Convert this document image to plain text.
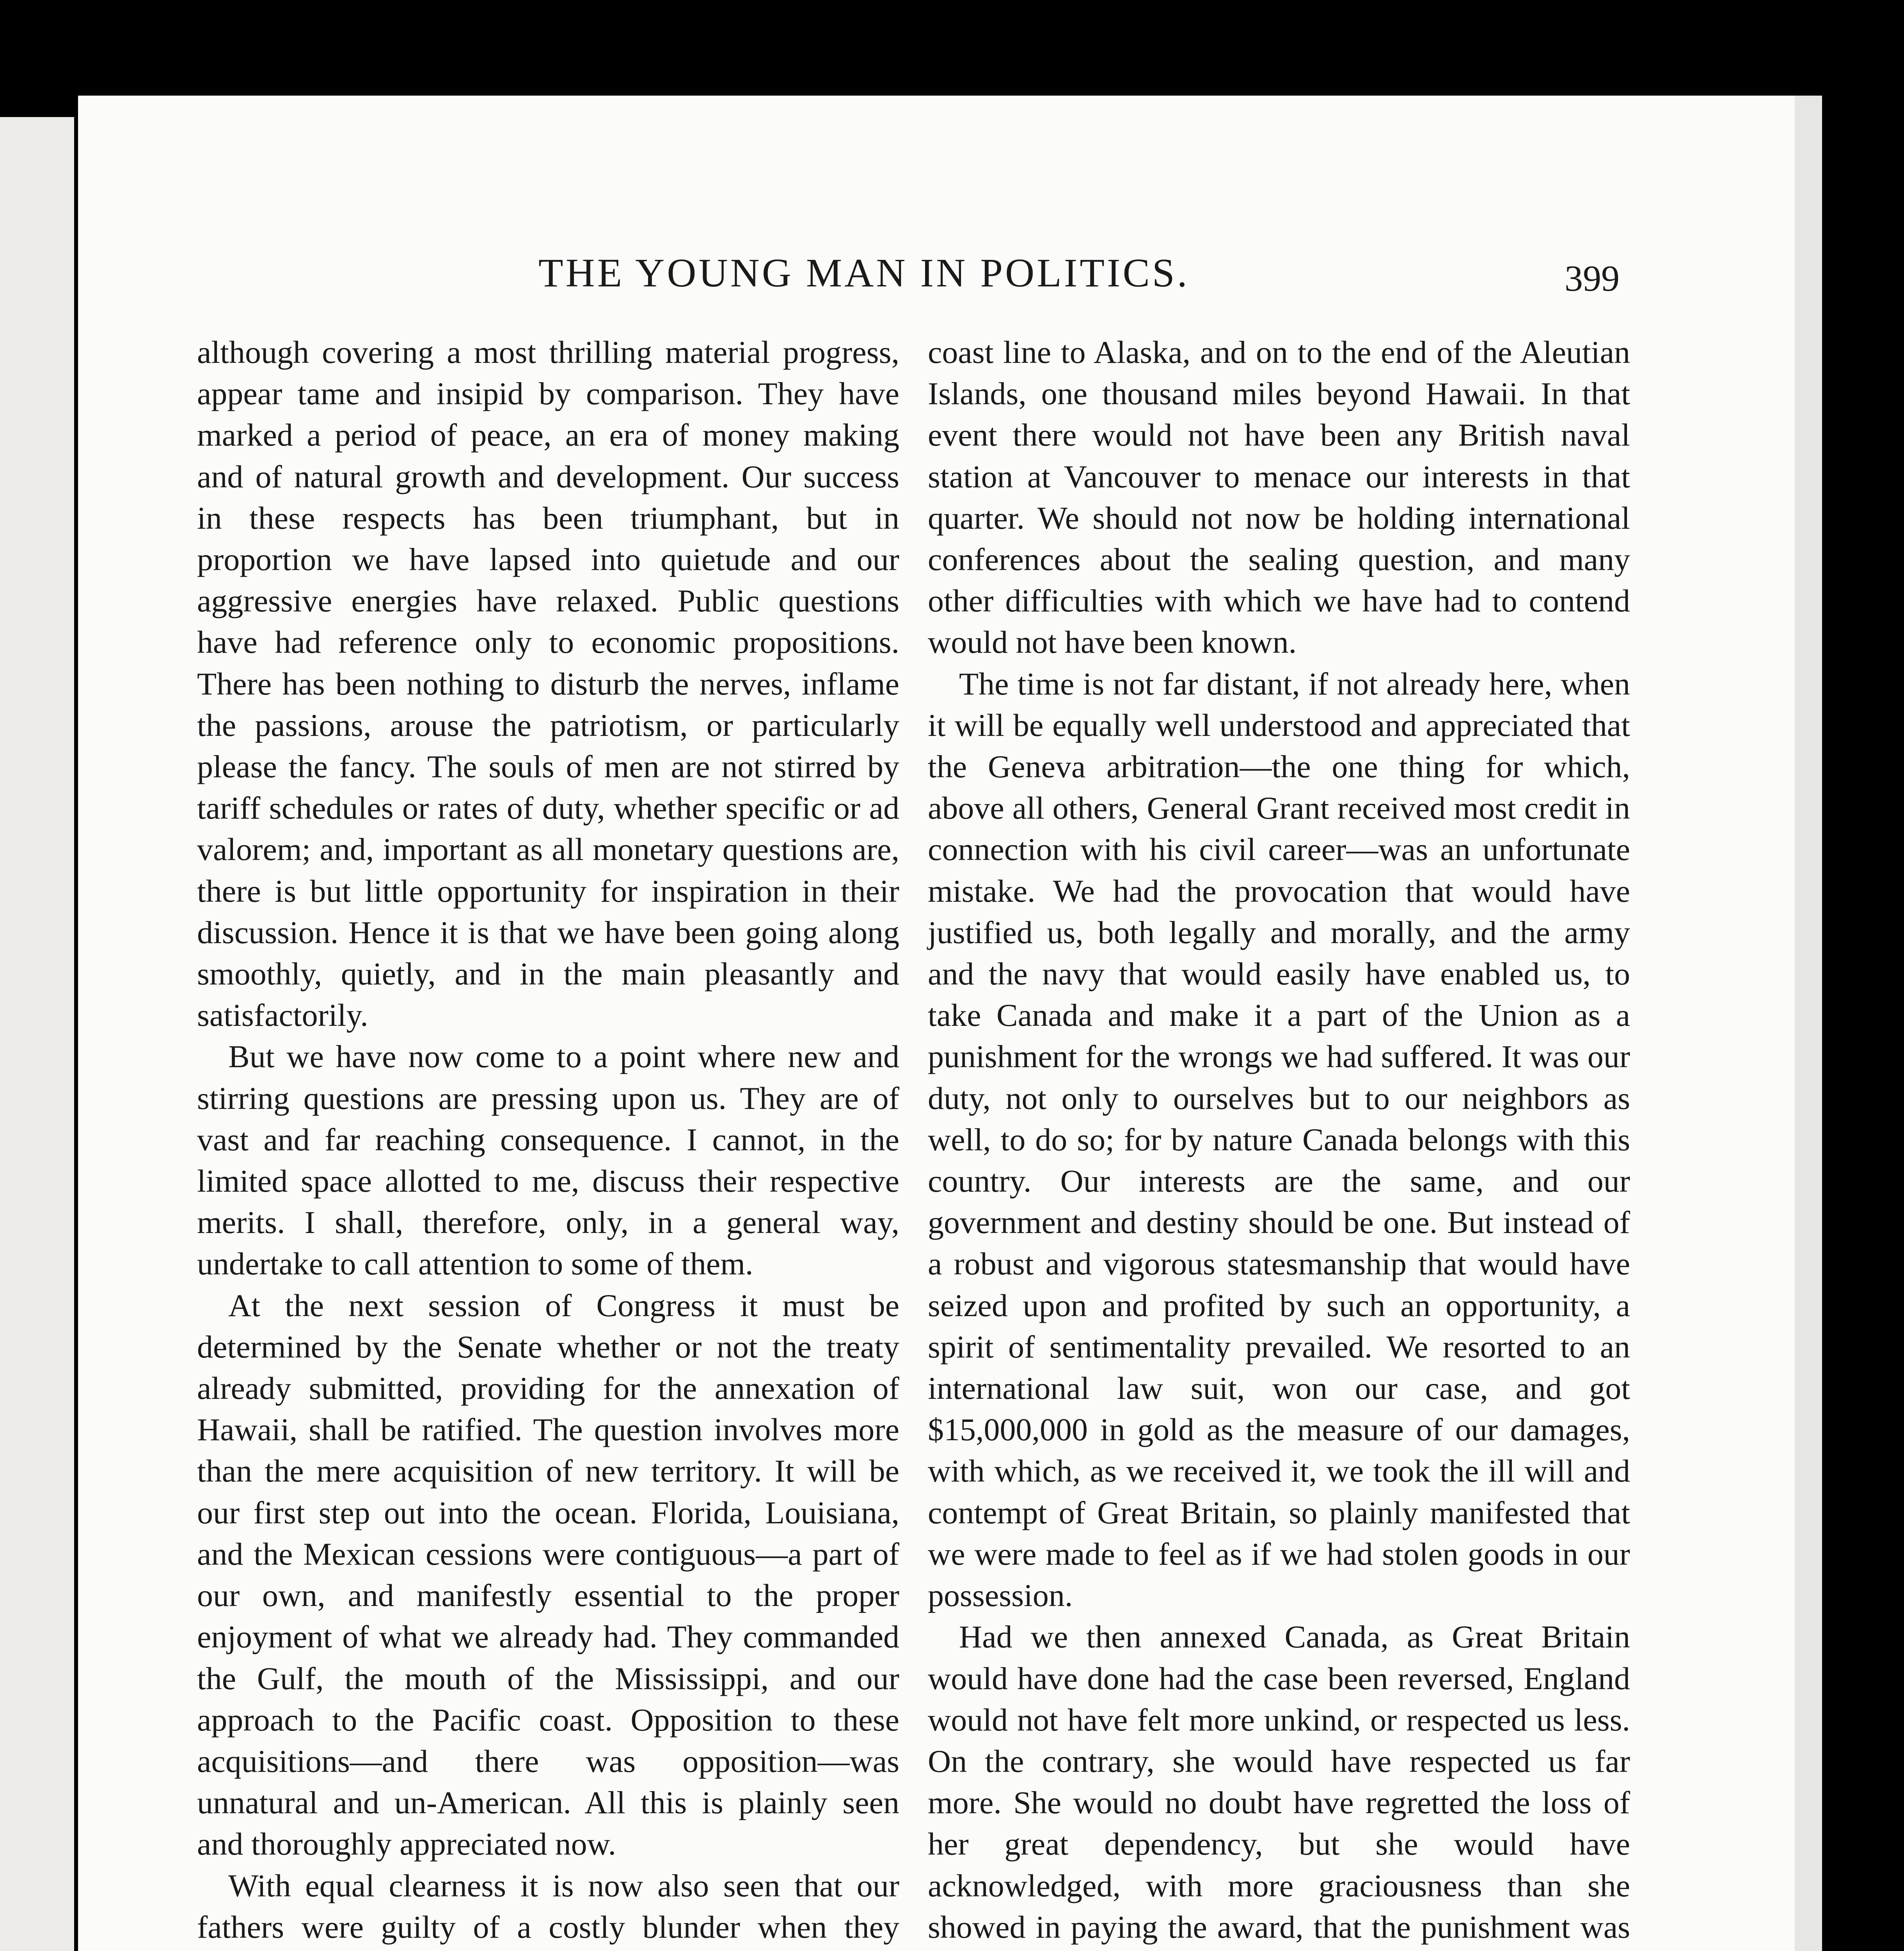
THE YOUNG MAN IN POLITICS.	399

although covering a most thrilling material progress, appear tame and insipid by comparison. They have marked a period of peace, an era of money making and of natural growth and development. Our success in these respects has been triumphant, but in proportion we have lapsed into quietude and our aggressive energies have relaxed. Public questions have had reference only to economic propositions. There has been nothing to disturb the nerves, inflame the passions, arouse the patriotism, or particularly please the fancy. The souls of men are not stirred by tariff schedules or rates of duty, whether specific or ad valorem; and, important as all monetary questions are, there is but little opportunity for inspiration in their discussion. Hence it is that we have been going along smoothly, quietly, and in the main pleasantly and satisfactorily.

But we have now come to a point where new and stirring questions are pressing upon us. They are of vast and far reaching consequence. I cannot, in the limited space allotted to me, discuss their respective merits. I shall, therefore, only, in a general way, undertake to call attention to some of them.

At the next session of Congress it must be determined by the Senate whether or not the treaty already submitted, providing for the annexation of Hawaii, shall be ratified. The question involves more than the mere acquisition of new territory. It will be our first step out into the ocean. Florida, Louisiana, and the Mexican cessions were contiguous—a part of our own, and manifestly essential to the proper enjoyment of what we already had. They commanded the Gulf, the mouth of the Mississippi, and our approach to the Pacific coast. Opposition to these acquisitions—and there was opposition—was unnatural and un-American. All this is plainly seen and thoroughly appreciated now.

With equal clearness it is now also seen that our fathers were guilty of a costly blunder when they

coast line to Alaska, and on to the end of the Aleutian Islands, one thousand miles beyond Hawaii. In that event there would not have been any British naval station at Vancouver to menace our interests in that quarter. We should not now be holding international conferences about the sealing question, and many other difficulties with which we have had to contend would not have been known.

The time is not far distant, if not already here, when it will be equally well understood and appreciated that the Geneva arbitration—the one thing for which, above all others, General Grant received most credit in connection with his civil career—was an unfortunate mistake. We had the provocation that would have justified us, both legally and morally, and the army and the navy that would easily have enabled us, to take Canada and make it a part of the Union as a punishment for the wrongs we had suffered. It was our duty, not only to ourselves but to our neighbors as well, to do so; for by nature Canada belongs with this country. Our interests are the same, and our government and destiny should be one. But instead of a robust and vigorous statesmanship that would have seized upon and profited by such an opportunity, a spirit of sentimentality prevailed. We resorted to an international law suit, won our case, and got $15,000,000 in gold as the measure of our damages, with which, as we received it, we took the ill will and contempt of Great Britain, so plainly manifested that we were made to feel as if we had stolen goods in our possession.

Had we then annexed Canada, as Great Britain would have done had the case been reversed, England would not have felt more unkind, or respected us less. On the contrary, she would have respected us far more. She would no doubt have regretted the loss of her great dependency, but she would have acknowledged, with more graciousness than she showed in paying the award, that the punishment was
